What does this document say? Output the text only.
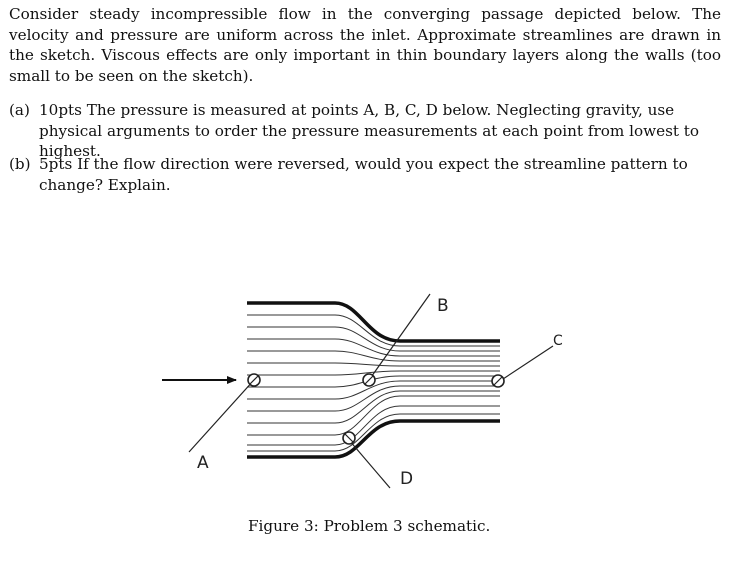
Consider steady incompressible flow in the converging passage depicted below. The velocity and pressure are uniform across the inlet. Approximate streamlines are drawn in the sketch. Viscous effects are only important in thin boundary layers along the walls (too small to be seen on the sketch).

(a) 10pts The pressure is measured at points A, B, C, D below. Neglecting gravity, use physical arguments to order the pressure measurements at each point from lowest to highest.
(b) 5pts If the flow direction were reversed, would you expect the streamline pattern to change? Explain.
A
B
C
D

Figure 3: Problem 3 schematic.
